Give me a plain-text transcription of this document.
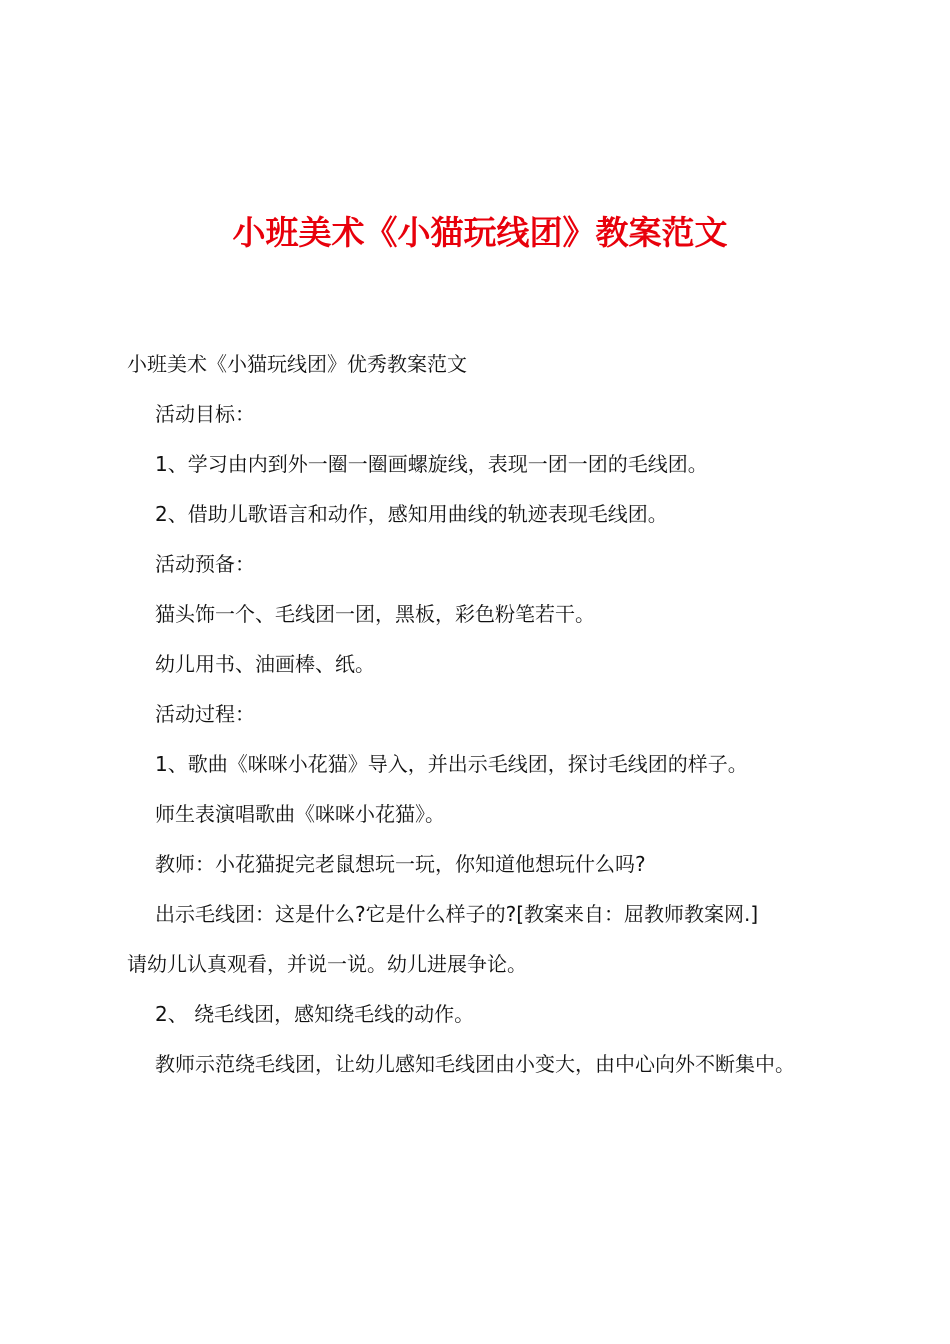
小班美术《小猫玩线团》教案范文

小班美术《小猫玩线团》优秀教案范文

活动目标：

1、学习由内到外一圈一圈画螺旋线，表现一团一团的毛线团。

2、借助儿歌语言和动作，感知用曲线的轨迹表现毛线团。

活动预备：

猫头饰一个、毛线团一团，黑板，彩色粉笔若干。

幼儿用书、油画棒、纸。

活动过程：

1、歌曲《咪咪小花猫》导入，并出示毛线团，探讨毛线团的样子。

师生表演唱歌曲《咪咪小花猫》。

教师：小花猫捉完老鼠想玩一玩，你知道他想玩什么吗?

出示毛线团：这是什么?它是什么样子的?[教案来自：屈教师教案网.]

请幼儿认真观看，并说一说。幼儿进展争论。

2、 绕毛线团，感知绕毛线的动作。

教师示范绕毛线团，让幼儿感知毛线团由小变大，由中心向外不断集中。
